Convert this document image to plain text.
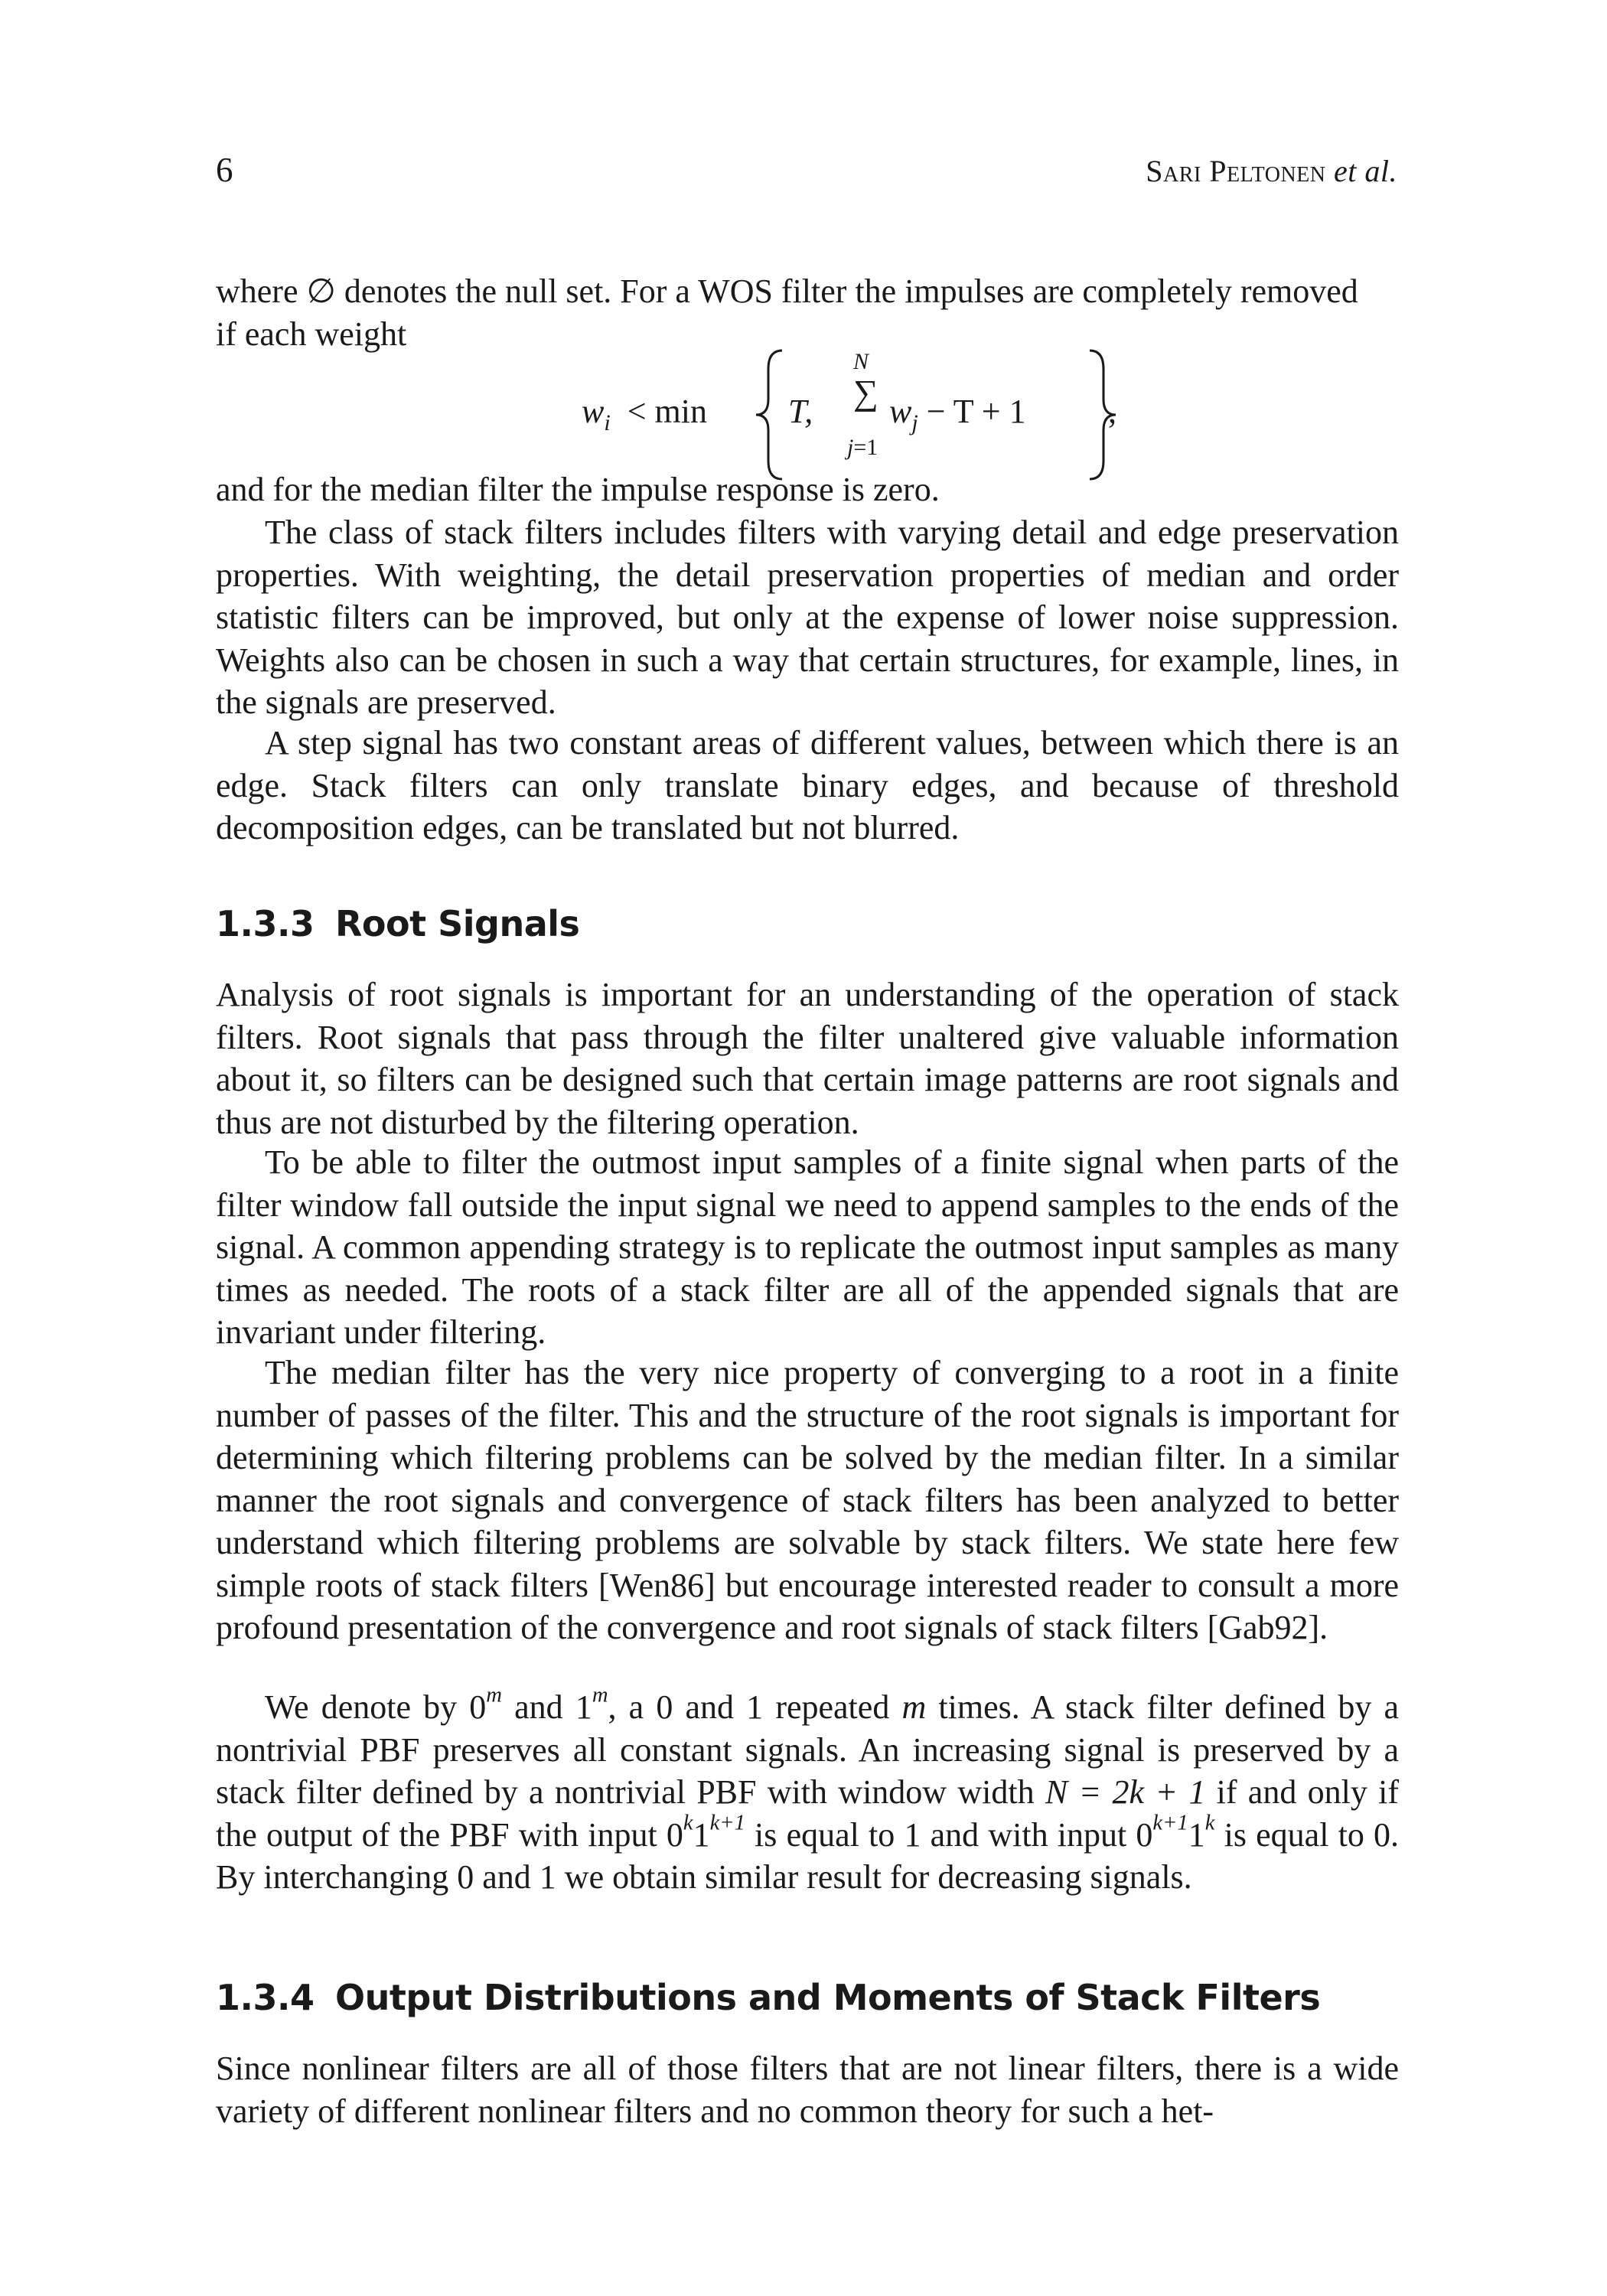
6	Sari Peltonen et al.

where ∅ denotes the null set. For a WOS filter the impulses are completely removed
if each weight

$w_i < \min T$,
N
∑
j=1
$w_j - T + 1$ ,

and for the median filter the impulse response is zero.

The class of stack filters includes filters with varying detail and edge preservation properties. With weighting, the detail preservation properties of median and order statistic filters can be improved, but only at the expense of lower noise suppression. Weights also can be chosen in such a way that certain structures, for example, lines, in the signals are preserved.

A step signal has two constant areas of different values, between which there is an edge. Stack filters can only translate binary edges, and because of threshold decomposition edges, can be translated but not blurred.

1.3.3 Root Signals

Analysis of root signals is important for an understanding of the operation of stack filters. Root signals that pass through the filter unaltered give valuable information about it, so filters can be designed such that certain image patterns are root signals and thus are not disturbed by the filtering operation.

To be able to filter the outmost input samples of a finite signal when parts of the filter window fall outside the input signal we need to append samples to the ends of the signal. A common appending strategy is to replicate the outmost input samples as many times as needed. The roots of a stack filter are all of the appended signals that are invariant under filtering.

The median filter has the very nice property of converging to a root in a finite number of passes of the filter. This and the structure of the root signals is important for determining which filtering problems can be solved by the median filter. In a similar manner the root signals and convergence of stack filters has been analyzed to better understand which filtering problems are solvable by stack filters. We state here few simple roots of stack filters [Wen86] but encourage interested reader to consult a more profound presentation of the convergence and root signals of stack filters [Gab92].

We denote by 0$^m$ and 1$^m$, a 0 and 1 repeated m times. A stack filter defined by a nontrivial PBF preserves all constant signals. An increasing signal is preserved by a stack filter defined by a nontrivial PBF with window width N = 2k + 1 if and only if the output of the PBF with input $0^k1^{k+1}$ is equal to 1 and with input $0^{k+1}1^k$ is equal to 0. By interchanging 0 and 1 we obtain similar result for decreasing signals.

1.3.4 Output Distributions and Moments of Stack Filters

Since nonlinear filters are all of those filters that are not linear filters, there is a wide variety of different nonlinear filters and no common theory for such a het-
